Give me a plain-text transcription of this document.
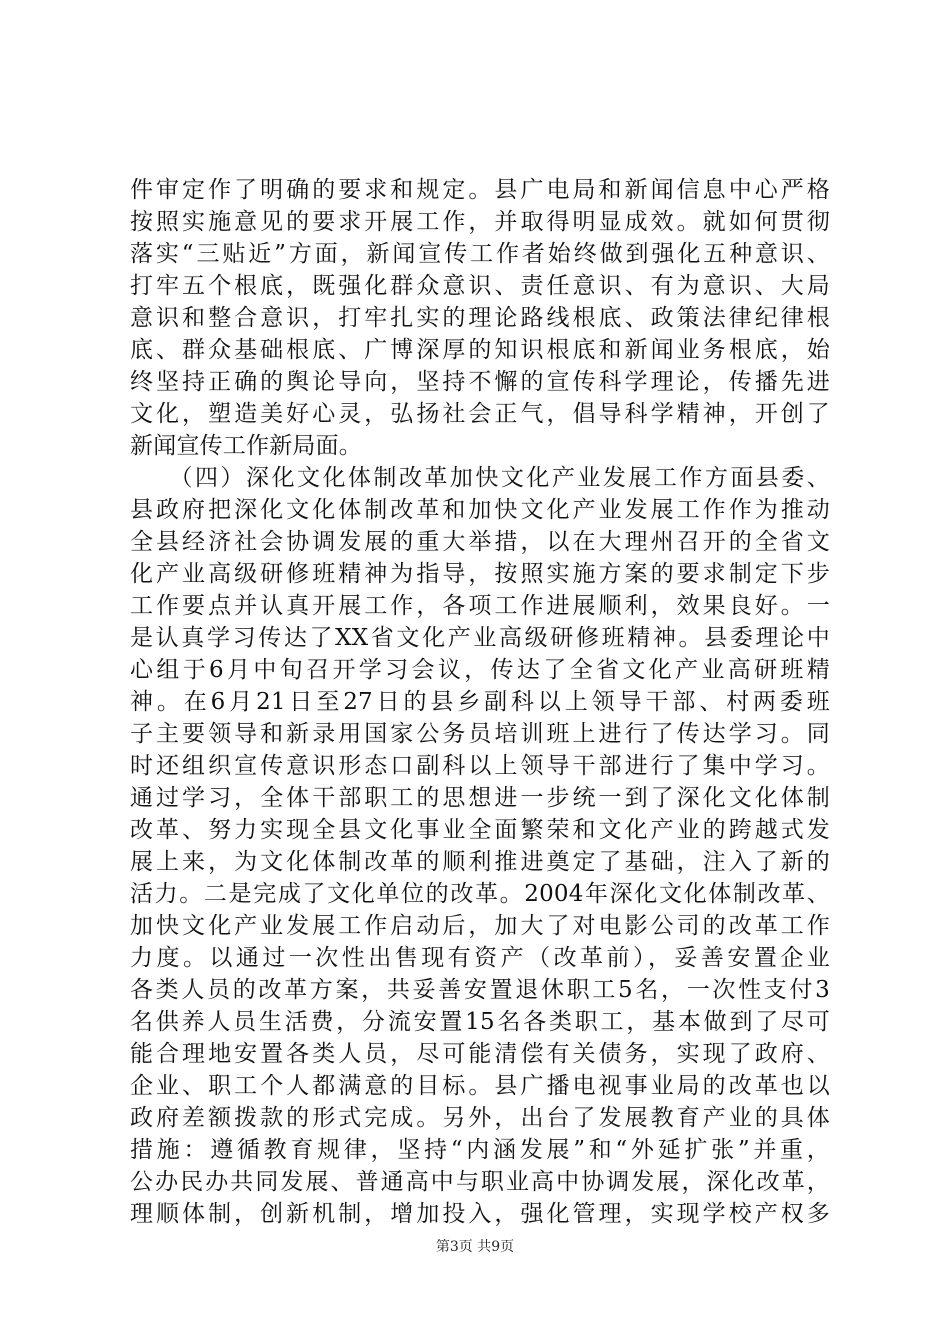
件审定作了明确的要求和规定。县广电局和新闻信息中心严格
按照实施意见的要求开展工作，并取得明显成效。就如何贯彻
落实“三贴近”方面，新闻宣传工作者始终做到强化五种意识、
打牢五个根底，既强化群众意识、责任意识、有为意识、大局
意识和整合意识，打牢扎实的理论路线根底、政策法律纪律根
底、群众基础根底、广博深厚的知识根底和新闻业务根底，始
终坚持正确的舆论导向，坚持不懈的宣传科学理论，传播先进
文化，塑造美好心灵，弘扬社会正气，倡导科学精神，开创了
新闻宣传工作新局面。
　　（四）深化文化体制改革加快文化产业发展工作方面县委、
县政府把深化文化体制改革和加快文化产业发展工作作为推动
全县经济社会协调发展的重大举措，以在大理州召开的全省文
化产业高级研修班精神为指导，按照实施方案的要求制定下步
工作要点并认真开展工作，各项工作进展顺利，效果良好。一
是认真学习传达了XX省文化产业高级研修班精神。县委理论中
心组于6月中旬召开学习会议，传达了全省文化产业高研班精
神。在6月21日至27日的县乡副科以上领导干部、村两委班
子主要领导和新录用国家公务员培训班上进行了传达学习。同
时还组织宣传意识形态口副科以上领导干部进行了集中学习。
通过学习，全体干部职工的思想进一步统一到了深化文化体制
改革、努力实现全县文化事业全面繁荣和文化产业的跨越式发
展上来，为文化体制改革的顺利推进奠定了基础，注入了新的
活力。二是完成了文化单位的改革。2004年深化文化体制改革、
加快文化产业发展工作启动后，加大了对电影公司的改革工作
力度。以通过一次性出售现有资产（改革前），妥善安置企业
各类人员的改革方案，共妥善安置退休职工5名，一次性支付3
名供养人员生活费，分流安置15名各类职工，基本做到了尽可
能合理地安置各类人员，尽可能清偿有关债务，实现了政府、
企业、职工个人都满意的目标。县广播电视事业局的改革也以
政府差额拨款的形式完成。另外，出台了发展教育产业的具体
措施：遵循教育规律，坚持“内涵发展”和“外延扩张”并重，
公办民办共同发展、普通高中与职业高中协调发展，深化改革，
理顺体制，创新机制，增加投入，强化管理，实现学校产权多
第3页 共9页
